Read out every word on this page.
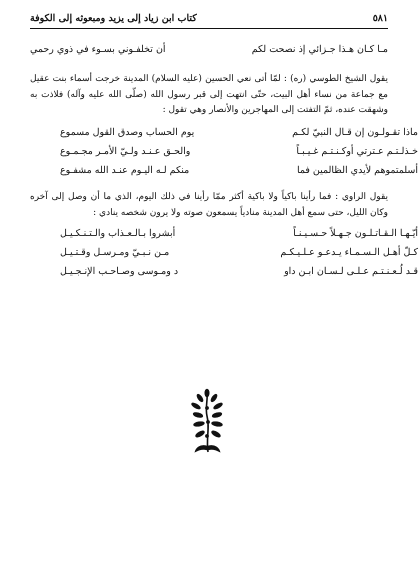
كتاب ابن زياد إلى يزيد ومبعوثه إلى الكوفة	٥٨١
مـا كـان هـذا جـزائي إذ نصحت لكم
أن تخلفـوني بسـوء في ذوي رحمي
يقول الشيخ الطوسي (ره) : لمّا أتى نعي الحسين (عليه السلام) المدينة خرجت أسماء بنت عقيل مع جماعة من نساء أهل البيت، حتّى انتهت إلى قبر رسول الله (صلّى الله عليه وآله) فلاذت به وشهقت عنده، ثمّ التفتت إلى المهاجرين والأنصار وهي تقول :
ماذا تقـولـون إن قـال النبيّ لكـم
يوم الحساب وصدق القول مسموع
خـذلـتـم عـترتي أوكـنـتـم غـيـبـاً
والحـق عـنـد ولـيّ الأمـر مجـمـوع
أسلمتموهم لأيدي الظالمين فما
منكم لـه اليـوم عنـد الله مشفـوع
يقول الراوي : فما رأينا باكياً ولا باكية أكثر ممّا رأينا في ذلك اليوم، الذي ما أن وصل إلى آخره وكان الليل، حتى سمع أهل المدينة منادياً يسمعون صوته ولا يرون شخصه ينادي :
أيّـهـا الـقـاتـلـون جـهـلاً حـسـيـنـاً
أبشروا بـالـعـذاب والـتـنـكـيـل
كـلّ أهـل الـسـمـاء يـدعـو عـلـيـكـم
مـن نـبـيّ ومـرسـل وقـتـيـل
قـد لُـعـنـتـم عـلـى لـسـان ابـن داو
د ومـوسى وصـاحـب الإنـجـيـل
